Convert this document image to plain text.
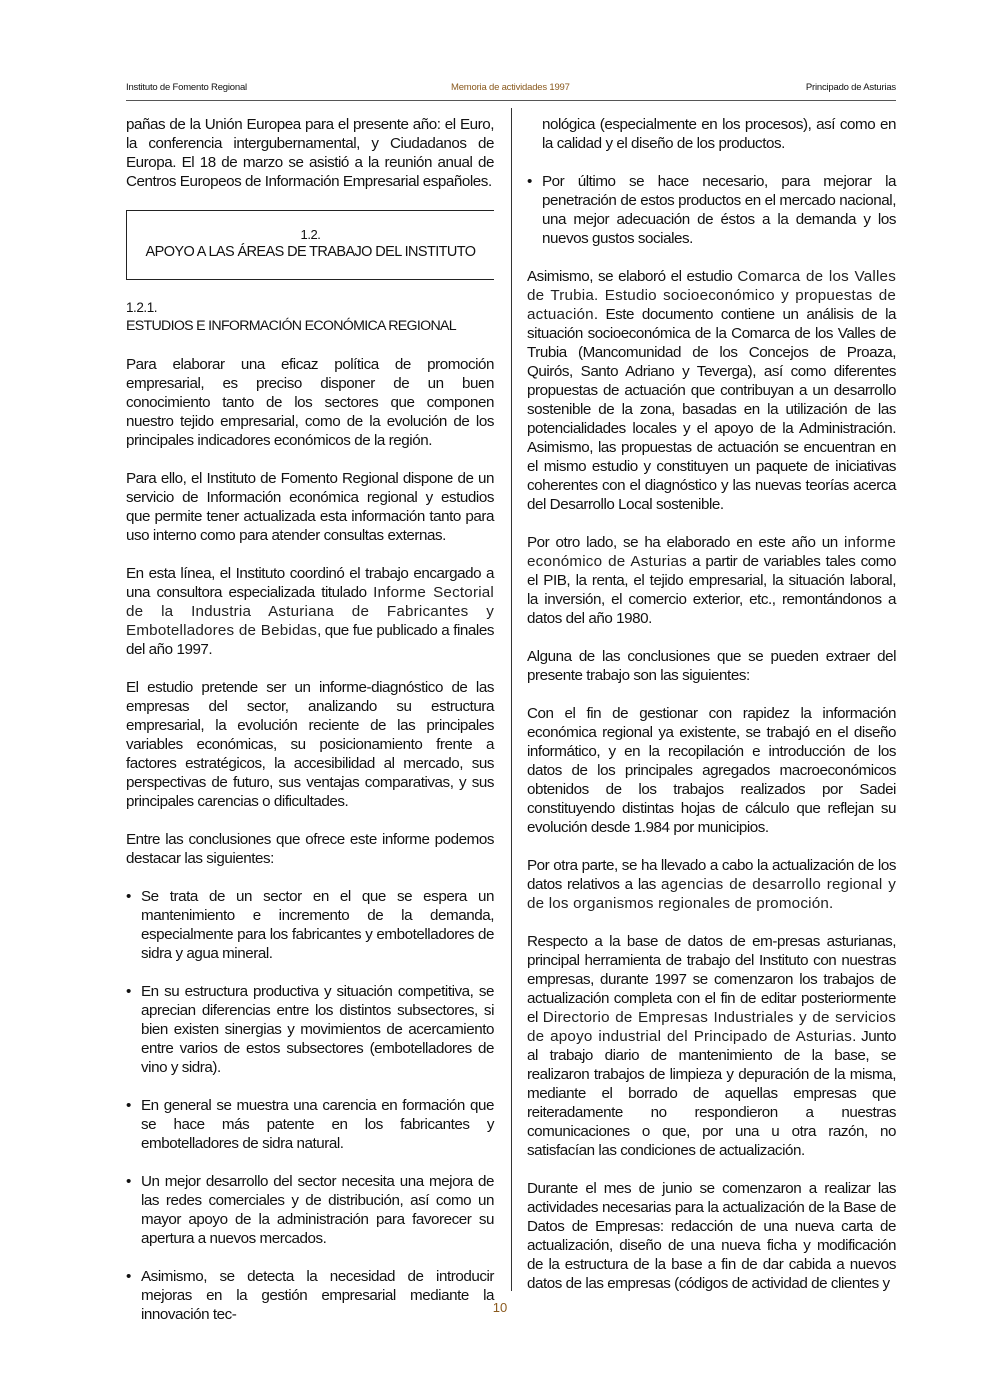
Instituto de Fomento Regional	Memoria de actividades 1997	Principado de Asturias

pañas de la Unión Europea para el presente año: el Euro, la conferencia intergubernamental, y Ciudadanos de Europa. El 18 de marzo se asistió a la reunión anual de Centros Europeos de Información Empresarial españoles.

1.2.
APOYO A LAS ÁREAS DE TRABAJO DEL INSTITUTO
1.2.1.
ESTUDIOS E INFORMACIÓN ECONÓMICA REGIONAL

Para elaborar una eficaz política de promoción empresarial, es preciso disponer de un buen conocimiento tanto de los sectores que componen nuestro tejido empresarial, como de la evolución de los principales indicadores económicos de la región.

Para ello, el Instituto de Fomento Regional dispone de un servicio de Información económica regional y estudios que permite tener actualizada esta información tanto para uso interno como para atender consultas externas.

En esta línea, el Instituto coordinó el trabajo encargado a una consultora especializada titulado Informe Sectorial de la Industria Asturiana de Fabricantes y Embotelladores de Bebidas, que fue publicado a finales del año 1997.

El estudio pretende ser un informe-diagnóstico de las empresas del sector, analizando su estructura empresarial, la evolución reciente de las principales variables económicas, su posicionamiento frente a factores estratégicos, la accesibilidad al mercado, sus perspectivas de futuro, sus ventajas comparativas, y sus principales carencias o dificultades.

Entre las conclusiones que ofrece este informe podemos destacar las siguientes:

• Se trata de un sector en el que se espera un mantenimiento e incremento de la demanda, especialmente para los fabricantes y embotelladores de sidra y agua mineral.
• En su estructura productiva y situación competitiva, se aprecian diferencias entre los distintos subsectores, si bien existen sinergias y movimientos de acercamiento entre varios de estos subsectores (embotelladores de vino y sidra).
• En general se muestra una carencia en formación que se hace más patente en los fabricantes y embotelladores de sidra natural.
• Un mejor desarrollo del sector necesita una mejora de las redes comerciales y de distribución, así como un mayor apoyo de la administración para favorecer su apertura a nuevos mercados.
• Asimismo, se detecta la necesidad de introducir mejoras en la gestión empresarial mediante la innovación tec-

nológica (especialmente en los procesos), así como en la calidad y el diseño de los productos.

• Por último se hace necesario, para mejorar la penetración de estos productos en el mercado nacional, una mejor adecuación de éstos a la demanda y los nuevos gustos sociales.

Asimismo, se elaboró el estudio Comarca de los Valles de Trubia. Estudio socioeconómico y propuestas de actuación. Este documento contiene un análisis de la situación socioeconómica de la Comarca de los Valles de Trubia (Mancomunidad de los Concejos de Proaza, Quirós, Santo Adriano y Teverga), así como diferentes propuestas de actuación que contribuyan a un desarrollo sostenible de la zona, basadas en la utilización de las potencialidades locales y el apoyo de la Administración. Asimismo, las propuestas de actuación se encuentran en el mismo estudio y constituyen un paquete de iniciativas coherentes con el diagnóstico y las nuevas teorías acerca del Desarrollo Local sostenible.

Por otro lado, se ha elaborado en este año un informe económico de Asturias a partir de variables tales como el PIB, la renta, el tejido empresarial, la situación laboral, la inversión, el comercio exterior, etc., remontándonos a datos del año 1980.

Alguna de las conclusiones que se pueden extraer del presente trabajo son las siguientes:

Con el fin de gestionar con rapidez la información económica regional ya existente, se trabajó en el diseño informático, y en la recopilación e introducción de los datos de los principales agregados macroeconómicos obtenidos de los trabajos realizados por Sadei constituyendo distintas hojas de cálculo que reflejan su evolución desde 1.984 por municipios.

Por otra parte, se ha llevado a cabo la actualización de los datos relativos a las agencias de desarrollo regional y de los organismos regionales de promoción.

Respecto a la base de datos de em-presas asturianas, principal herramienta de trabajo del Instituto con nuestras empresas, durante 1997 se comenzaron los trabajos de actualización completa con el fin de editar posteriormente el Directorio de Empresas Industriales y de servicios de apoyo industrial del Principado de Asturias. Junto al trabajo diario de mantenimiento de la base, se realizaron trabajos de limpieza y depuración de la misma, mediante el borrado de aquellas empresas que reiteradamente no respondieron a nuestras comunicaciones o que, por una u otra razón, no satisfacían las condiciones de actualización.

Durante el mes de junio se comenzaron a realizar las actividades necesarias para la actualización de la Base de Datos de Empresas: redacción de una nueva carta de actualización, diseño de una nueva ficha y modificación de la estructura de la base a fin de dar cabida a nuevos datos de las empresas (códigos de actividad de clientes y

10
